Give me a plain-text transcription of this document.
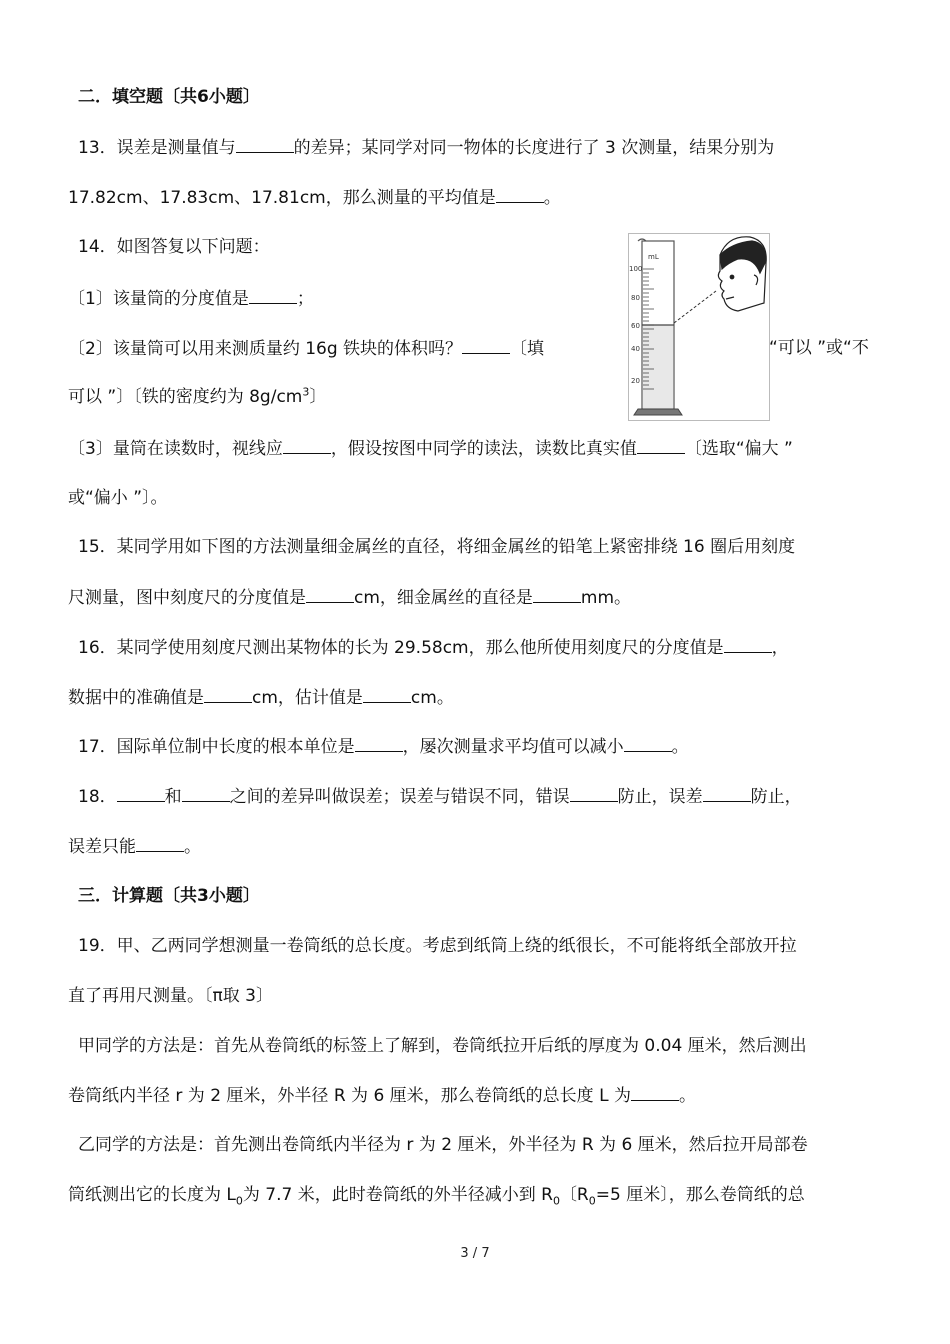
二．填空题〔共6小题〕
13．误差是测量值与	的差异；某同学对同一物体的长度进行了 3 次测量，结果分别为
17.82cm、17.83cm、17.81cm，那么测量的平均值是	。
14．如图答复以下问题：
〔1〕该量筒的分度值是	；
〔2〕该量筒可以用来测质量约 16g 铁块的体积吗？	〔填	“可以 ”或“不
可以 ”〕〔铁的密度约为 $8g/cm^3$〕
〔3〕量筒在读数时，视线应	，假设按图中同学的读法，读数比真实值	〔选取“偏大 ”
或“偏小 ”〕。
mL
100
80
60
40
20
15．某同学用如下图的方法测量细金属丝的直径，将细金属丝的铅笔上紧密排绕 16 圈后用刻度
尺测量，图中刻度尺的分度值是	cm，细金属丝的直径是	mm。
16．某同学使用刻度尺测出某物体的长为 29.58cm，那么他所使用刻度尺的分度值是	，
数据中的准确值是	cm，估计值是	cm。
17．国际单位制中长度的根本单位是	，屡次测量求平均值可以减小	。
18．	和	之间的差异叫做误差；误差与错误不同，错误	防止，误差	防止，
误差只能	。
三．计算题〔共3小题〕
19．甲、乙两同学想测量一卷筒纸的总长度。考虑到纸筒上绕的纸很长，不可能将纸全部放开拉
直了再用尺测量。〔π取 3〕
甲同学的方法是：首先从卷筒纸的标签上了解到，卷筒纸拉开后纸的厚度为 0.04 厘米，然后测出
卷筒纸内半径 r 为 2 厘米，外半径 R 为 6 厘米，那么卷筒纸的总长度 L 为	。
乙同学的方法是：首先测出卷筒纸内半径为 r 为 2 厘米，外半径为 R 为 6 厘米，然后拉开局部卷
筒纸测出它的长度为 $L_0$为 7.7 米，此时卷筒纸的外半径减小到 $R_0$〔$R_0=5$ 厘米〕，那么卷筒纸的总
3 / 7
